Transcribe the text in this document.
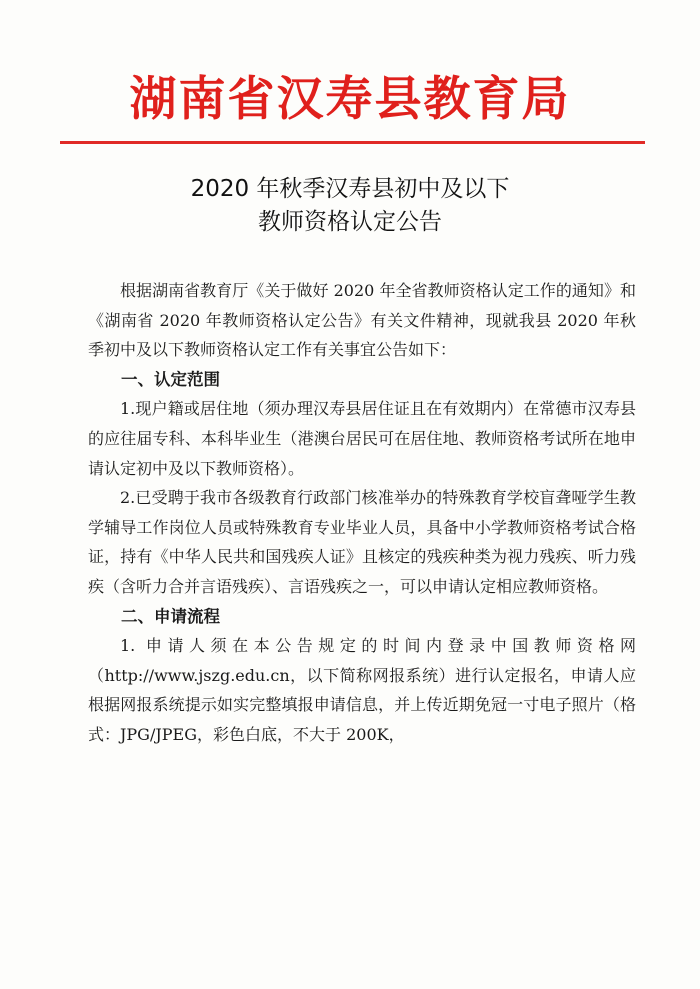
湖南省汉寿县教育局
2020 年秋季汉寿县初中及以下
教师资格认定公告

根据湖南省教育厅《关于做好 2020 年全省教师资格认定工作的通知》和《湖南省 2020 年教师资格认定公告》有关文件精神，现就我县 2020 年秋季初中及以下教师资格认定工作有关事宜公告如下：

一、认定范围

1.现户籍或居住地（须办理汉寿县居住证且在有效期内）在常德市汉寿县的应往届专科、本科毕业生（港澳台居民可在居住地、教师资格考试所在地申请认定初中及以下教师资格）。

2.已受聘于我市各级教育行政部门核准举办的特殊教育学校盲聋哑学生教学辅导工作岗位人员或特殊教育专业毕业人员，具备中小学教师资格考试合格证，持有《中华人民共和国残疾人证》且核定的残疾种类为视力残疾、听力残疾（含听力合并言语残疾）、言语残疾之一，可以申请认定相应教师资格。

二、申请流程

1. 申请人须在本公告规定的时间内登录中国教师资格网（http://www.jszg.edu.cn，以下简称网报系统）进行认定报名，申请人应根据网报系统提示如实完整填报申请信息，并上传近期免冠一寸电子照片（格式：JPG/JPEG，彩色白底，不大于 200K，
